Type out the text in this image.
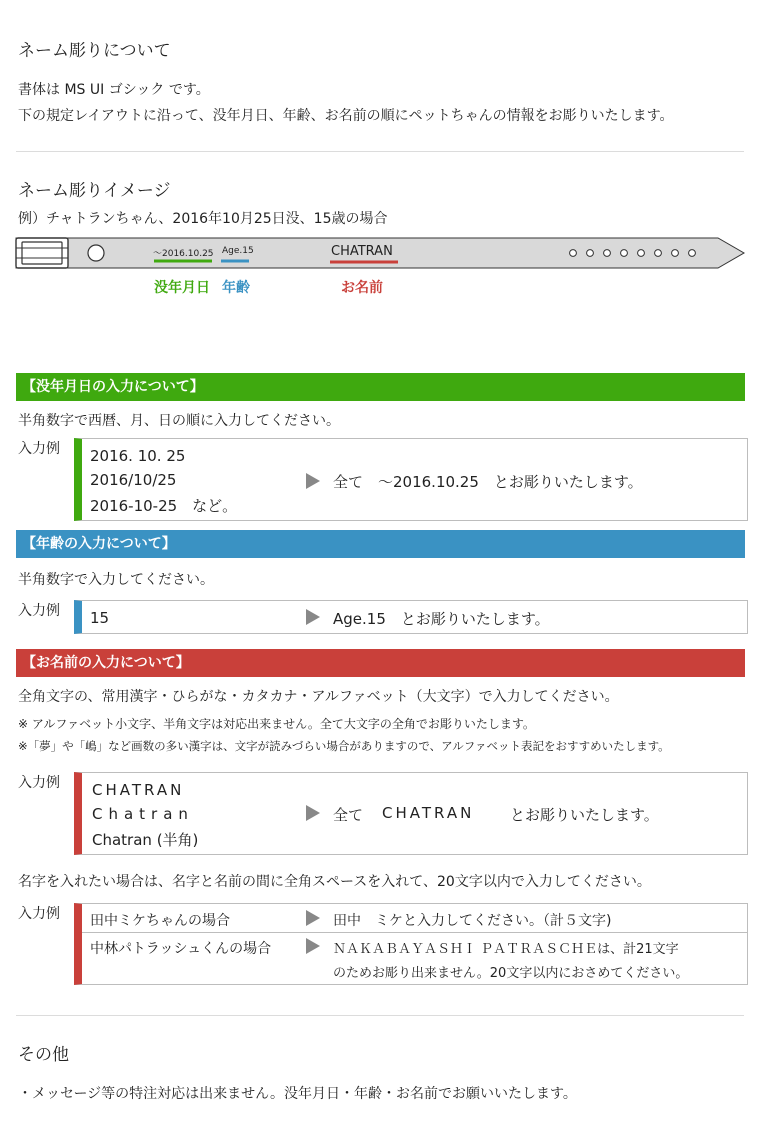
ネーム彫りについて
書体は MS UI ゴシック です。
下の規定レイアウトに沿って、没年月日、年齢、お名前の順にペットちゃんの情報をお彫りいたします。
ネーム彫りイメージ
例）チャトランちゃん、2016年10月25日没、15歳の場合
～2016.10.25 Age.15	CHATRAN
没年月日 年齢	お名前
【没年月日の入力について】
半角数字で西暦、月、日の順に入力してください。
入力例 2016. 10. 25
2016/10/25
2016-10-25　など。
全て　～2016.10.25　とお彫りいたします。
【年齢の入力について】
半角数字で入力してください。
入力例 15	Age.15　とお彫りいたします。
【お名前の入力について】
全角文字の、常用漢字・ひらがな・カタカナ・アルファベット（大文字）で入力してください。
※ アルファベット小文字、半角文字は対応出来ません。全て大文字の全角でお彫りいたします。
※「夢」や「嶋」など画数の多い漢字は、文字が読みづらい場合がありますので、アルファベット表記をおすすめいたします。
入力例 CHATRAN
Chatran
Chatran (半角)
全て CHATRAN とお彫りいたします。
名字を入れたい場合は、名字と名前の間に全角スペースを入れて、20文字以内で入力してください。
入力例 田中ミケちゃんの場合	田中　ミケと入力してください。（計５文字)
中林パトラッシュくんの場合	ＮＡＫＡＢＡＹＡＳＨＩ ＰＡＴＲＡＳＣＨＥは、計21文字
のためお彫り出来ません。20文字以内におさめてください。
その他
・メッセージ等の特注対応は出来ません。没年月日・年齢・お名前でお願いいたします。
